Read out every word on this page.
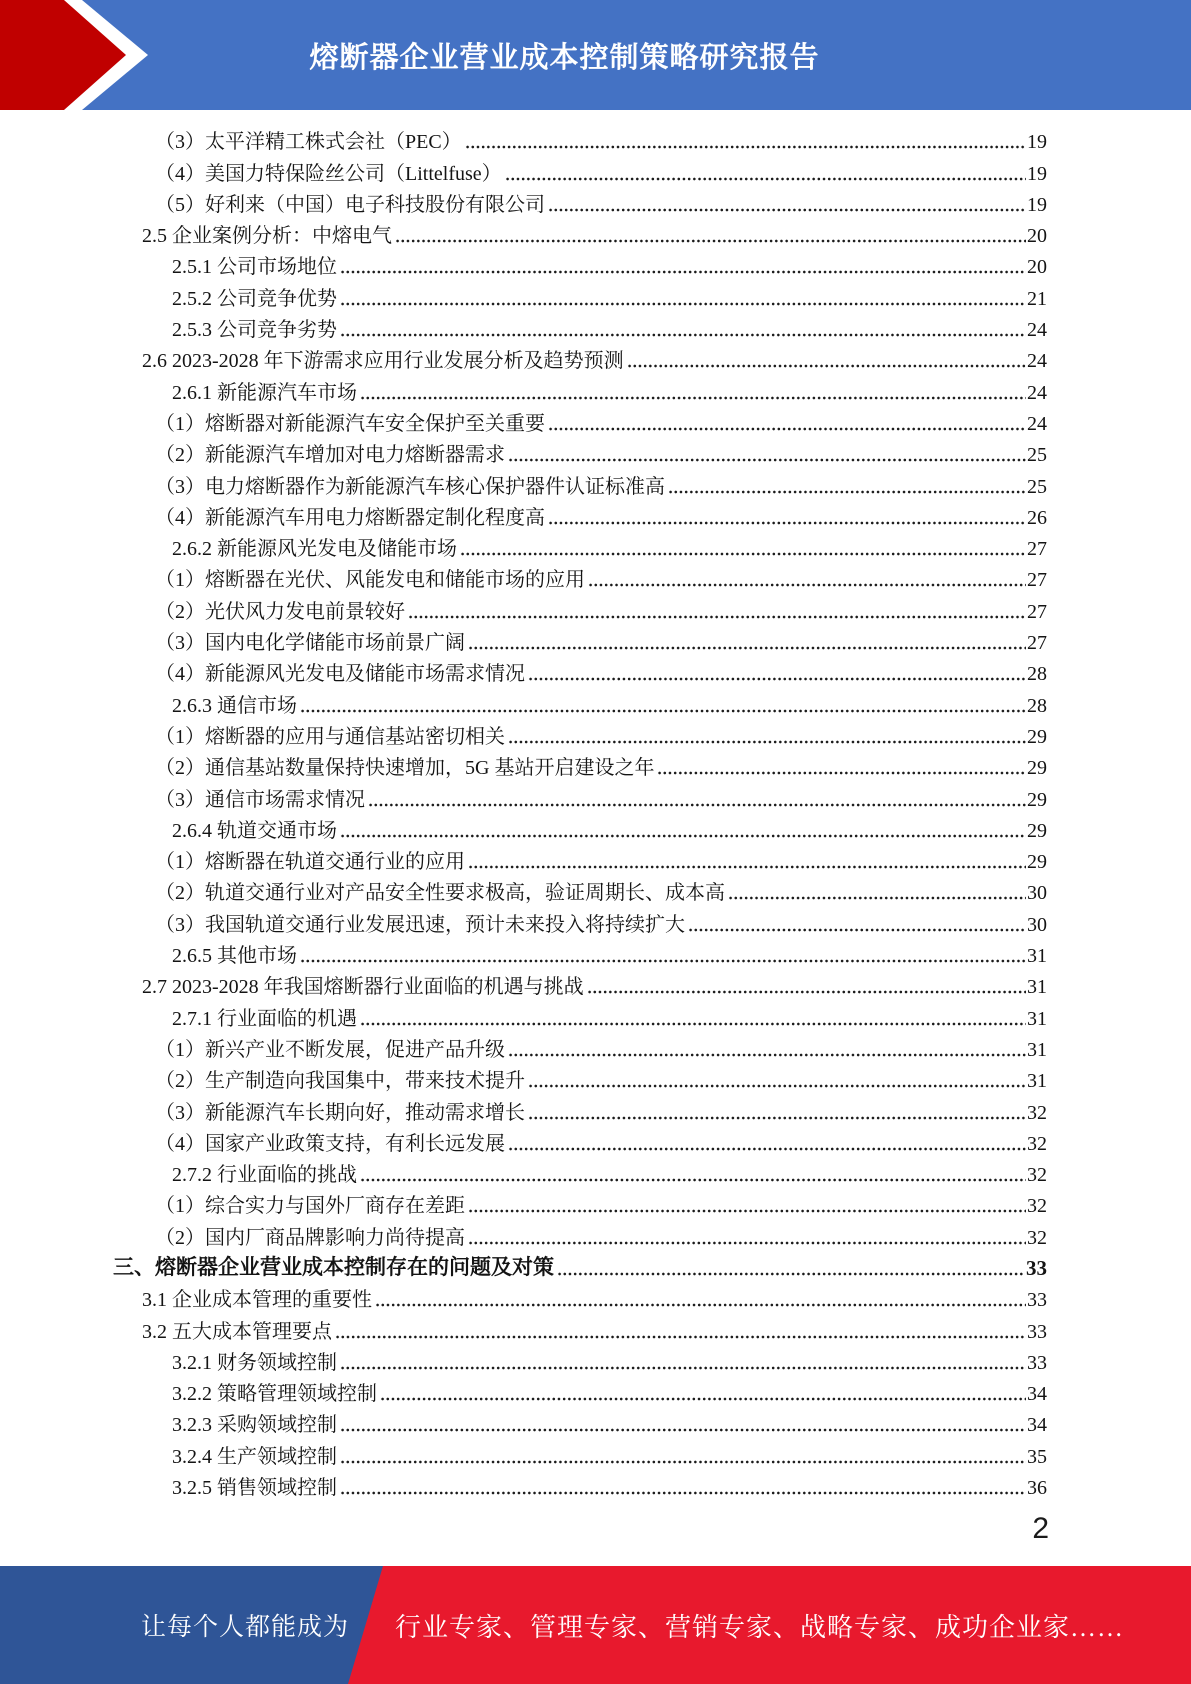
熔断器企业营业成本控制策略研究报告
（3）太平洋精工株式会社（PEC）	19
（4）美国力特保险丝公司（Littelfuse）	19
（5）好利来（中国）电子科技股份有限公司	19
2.5 企业案例分析：中熔电气	20
2.5.1 公司市场地位	20
2.5.2 公司竞争优势	21
2.5.3 公司竞争劣势	24
2.6 2023-2028 年下游需求应用行业发展分析及趋势预测	24
2.6.1 新能源汽车市场	24
（1）熔断器对新能源汽车安全保护至关重要	24
（2）新能源汽车增加对电力熔断器需求	25
（3）电力熔断器作为新能源汽车核心保护器件认证标准高	25
（4）新能源汽车用电力熔断器定制化程度高	26
2.6.2 新能源风光发电及储能市场	27
（1）熔断器在光伏、风能发电和储能市场的应用	27
（2）光伏风力发电前景较好	27
（3）国内电化学储能市场前景广阔	27
（4）新能源风光发电及储能市场需求情况	28
2.6.3 通信市场	28
（1）熔断器的应用与通信基站密切相关	29
（2）通信基站数量保持快速增加，5G 基站开启建设之年	29
（3）通信市场需求情况	29
2.6.4 轨道交通市场	29
（1）熔断器在轨道交通行业的应用	29
（2）轨道交通行业对产品安全性要求极高，验证周期长、成本高	30
（3）我国轨道交通行业发展迅速，预计未来投入将持续扩大	30
2.6.5 其他市场	31
2.7 2023-2028 年我国熔断器行业面临的机遇与挑战	31
2.7.1 行业面临的机遇	31
（1）新兴产业不断发展，促进产品升级	31
（2）生产制造向我国集中，带来技术提升	31
（3）新能源汽车长期向好，推动需求增长	32
（4）国家产业政策支持，有利长远发展	32
2.7.2 行业面临的挑战	32
（1）综合实力与国外厂商存在差距	32
（2）国内厂商品牌影响力尚待提高	32
三、熔断器企业营业成本控制存在的问题及对策	33
3.1 企业成本管理的重要性	33
3.2 五大成本管理要点	33
3.2.1 财务领域控制	33
3.2.2 策略管理领域控制	34
3.2.3 采购领域控制	34
3.2.4 生产领域控制	35
3.2.5 销售领域控制	36
2
让每个人都能成为 行业专家、管理专家、营销专家、战略专家、成功企业家……
